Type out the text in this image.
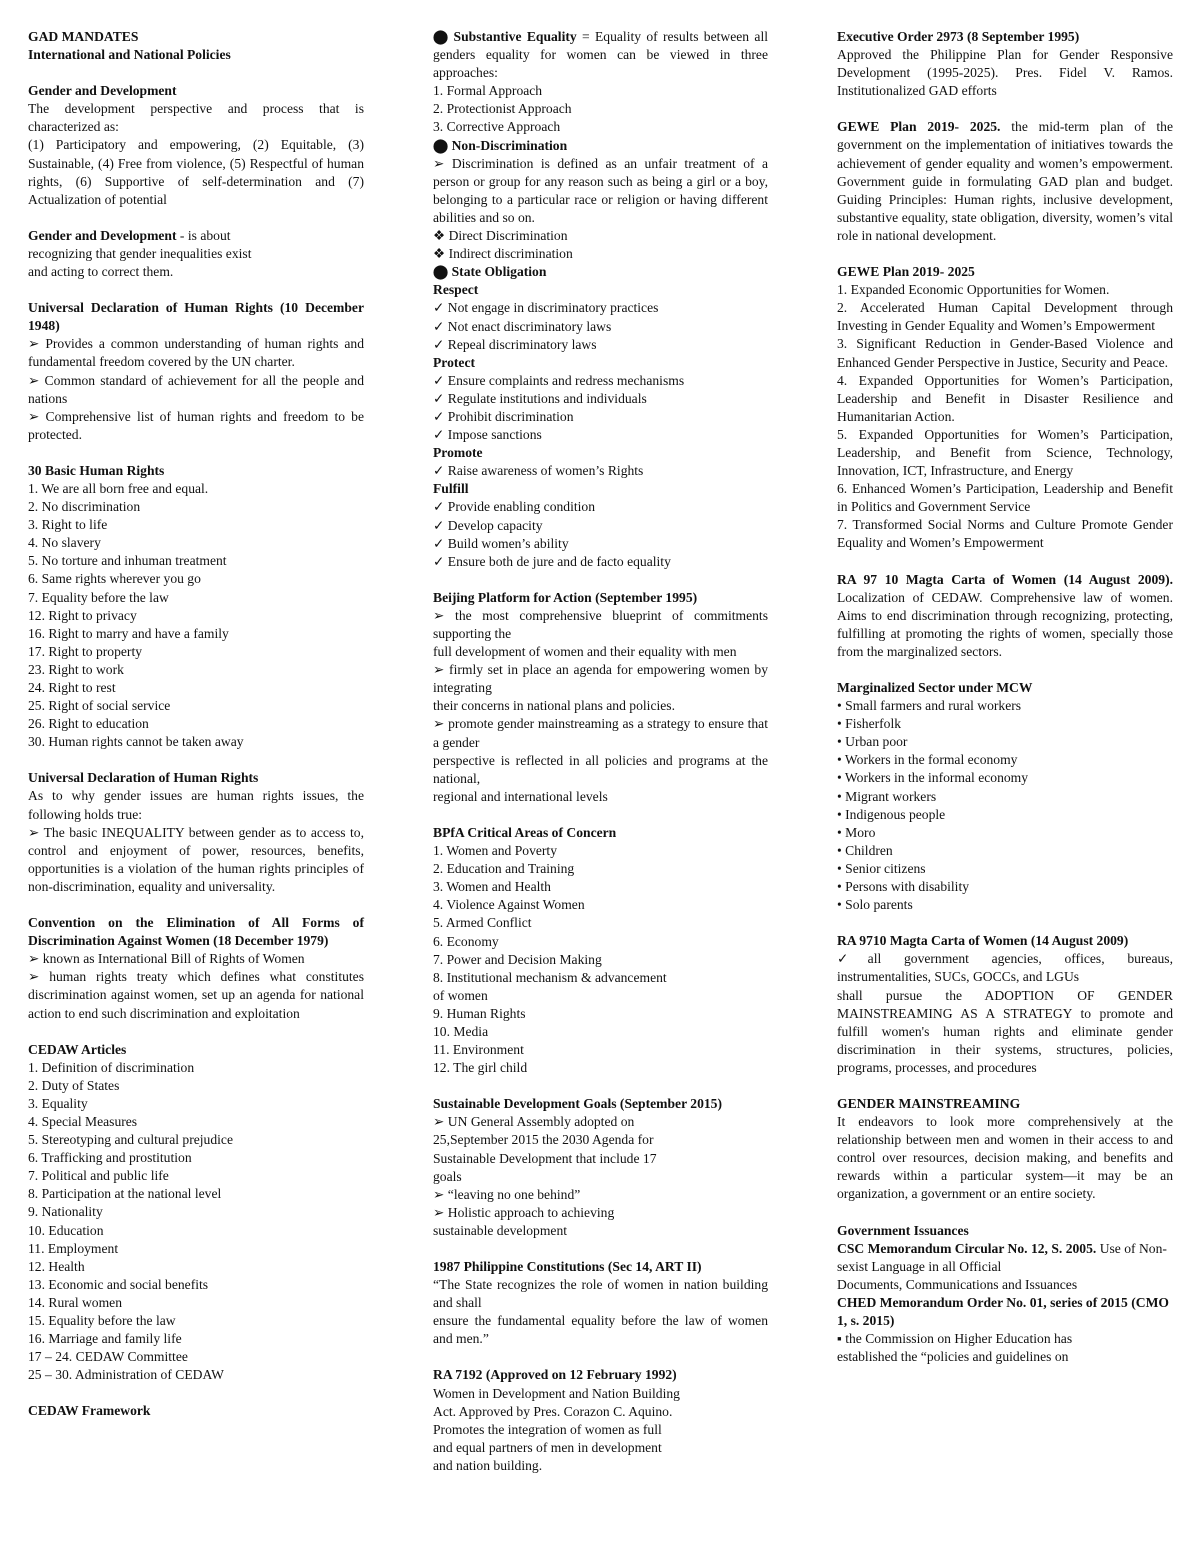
GAD MANDATES
International and National Policies
Gender and Development
The development perspective and process that is characterized as:
(1) Participatory and empowering, (2) Equitable, (3) Sustainable, (4) Free from violence, (5) Respectful of human rights, (6) Supportive of self-determination and (7) Actualization of potential
Gender and Development - is about
recognizing that gender inequalities exist
and acting to correct them.
Universal Declaration of Human Rights (10 December 1948)
➢ Provides a common understanding of human rights and fundamental freedom covered by the UN charter.
➢ Common standard of achievement for all the people and nations
➢ Comprehensive list of human rights and freedom to be protected.
30 Basic Human Rights
1. We are all born free and equal.
2. No discrimination
3. Right to life
4. No slavery
5. No torture and inhuman treatment
6. Same rights wherever you go
7. Equality before the law
12. Right to privacy
16. Right to marry and have a family
17. Right to property
23. Right to work
24. Right to rest
25. Right of social service
26. Right to education
30. Human rights cannot be taken away
Universal Declaration of Human Rights
As to why gender issues are human rights issues, the following holds true:
➢ The basic INEQUALITY between gender as to access to, control and enjoyment of power, resources, benefits, opportunities is a violation of the human rights principles of non-discrimination, equality and universality.
Convention on the Elimination of All Forms of Discrimination Against Women (18 December 1979)
➢ known as International Bill of Rights of Women
➢ human rights treaty which defines what constitutes discrimination against women, set up an agenda for national action to end such discrimination and exploitation
CEDAW Articles
1. Definition of discrimination
2. Duty of States
3. Equality
4. Special Measures
5. Stereotyping and cultural prejudice
6. Trafficking and prostitution
7. Political and public life
8. Participation at the national level
9. Nationality
10. Education
11. Employment
12. Health
13. Economic and social benefits
14. Rural women
15. Equality before the law
16. Marriage and family life
17 – 24. CEDAW Committee
25 – 30. Administration of CEDAW
CEDAW Framework
⬤ Substantive Equality = Equality of results between all genders equality for women can be viewed in three approaches:
1. Formal Approach
2. Protectionist Approach
3. Corrective Approach
⬤ Non-Discrimination
➢ Discrimination is defined as an unfair treatment of a person or group for any reason such as being a girl or a boy, belonging to a particular race or religion or having different abilities and so on.
❖ Direct Discrimination
❖ Indirect discrimination
⬤ State Obligation
Respect
✓ Not engage in discriminatory practices
✓ Not enact discriminatory laws
✓ Repeal discriminatory laws
Protect
✓ Ensure complaints and redress mechanisms
✓ Regulate institutions and individuals
✓ Prohibit discrimination
✓ Impose sanctions
Promote
✓ Raise awareness of women’s Rights
Fulfill
✓ Provide enabling condition
✓ Develop capacity
✓ Build women’s ability
✓ Ensure both de jure and de facto equality
Beijing Platform for Action (September 1995)
➢ the most comprehensive blueprint of commitments supporting the
full development of women and their equality with men
➢ firmly set in place an agenda for empowering women by integrating
their concerns in national plans and policies.
➢ promote gender mainstreaming as a strategy to ensure that a gender
perspective is reflected in all policies and programs at the national,
regional and international levels
BPfA Critical Areas of Concern
1. Women and Poverty
2. Education and Training
3. Women and Health
4. Violence Against Women
5. Armed Conflict
6. Economy
7. Power and Decision Making
8. Institutional mechanism & advancement
of women
9. Human Rights
10. Media
11. Environment
12. The girl child
Sustainable Development Goals (September 2015)
➢ UN General Assembly adopted on
25,September 2015 the 2030 Agenda for
Sustainable Development that include 17
goals
➢ “leaving no one behind”
➢ Holistic approach to achieving
sustainable development
1987 Philippine Constitutions (Sec 14, ART II)
“The State recognizes the role of women in nation building and shall
ensure the fundamental equality before the law of women and men.”
RA 7192 (Approved on 12 February 1992)
Women in Development and Nation Building
Act. Approved by Pres. Corazon C. Aquino.
Promotes the integration of women as full
and equal partners of men in development
and nation building.
Executive Order 2973 (8 September 1995)
Approved the Philippine Plan for Gender Responsive Development (1995-2025). Pres. Fidel V. Ramos. Institutionalized GAD efforts
GEWE Plan 2019- 2025. the mid-term plan of the government on the implementation of initiatives towards the achievement of gender equality and women’s empowerment. Government guide in formulating GAD plan and budget. Guiding Principles: Human rights, inclusive development, substantive equality, state obligation, diversity, women’s vital role in national development.
GEWE Plan 2019- 2025
1. Expanded Economic Opportunities for Women.
2. Accelerated Human Capital Development through Investing in Gender Equality and Women’s Empowerment
3. Significant Reduction in Gender-Based Violence and Enhanced Gender Perspective in Justice, Security and Peace.
4. Expanded Opportunities for Women’s Participation, Leadership and Benefit in Disaster Resilience and Humanitarian Action.
5. Expanded Opportunities for Women’s Participation, Leadership, and Benefit from Science, Technology, Innovation, ICT, Infrastructure, and Energy
6. Enhanced Women’s Participation, Leadership and Benefit in Politics and Government Service
7. Transformed Social Norms and Culture Promote Gender Equality and Women’s Empowerment
RA 97 10 Magta Carta of Women (14 August 2009). Localization of CEDAW. Comprehensive law of women. Aims to end discrimination through recognizing, protecting, fulfilling at promoting the rights of women, specially those from the marginalized sectors.
Marginalized Sector under MCW
• Small farmers and rural workers
• Fisherfolk
• Urban poor
• Workers in the formal economy
• Workers in the informal economy
• Migrant workers
• Indigenous people
• Moro
• Children
• Senior citizens
• Persons with disability
• Solo parents
RA 9710 Magta Carta of Women (14 August 2009)
✓all government agencies, offices, bureaus, instrumentalities, SUCs, GOCCs, and LGUs
shall pursue the ADOPTION OF GENDER MAINSTREAMING AS A STRATEGY to promote and fulfill women's human rights and eliminate gender discrimination in their systems, structures, policies, programs, processes, and procedures
GENDER MAINSTREAMING
It endeavors to look more comprehensively at the relationship between men and women in their access to and control over resources, decision making, and benefits and rewards within a particular system—it may be an organization, a government or an entire society.
Government Issuances
CSC Memorandum Circular No. 12, S. 2005. Use of Non-sexist Language in all Official
Documents, Communications and Issuances
CHED Memorandum Order No. 01, series of 2015 (CMO 1, s. 2015)
▪ the Commission on Higher Education has
established the “policies and guidelines on
